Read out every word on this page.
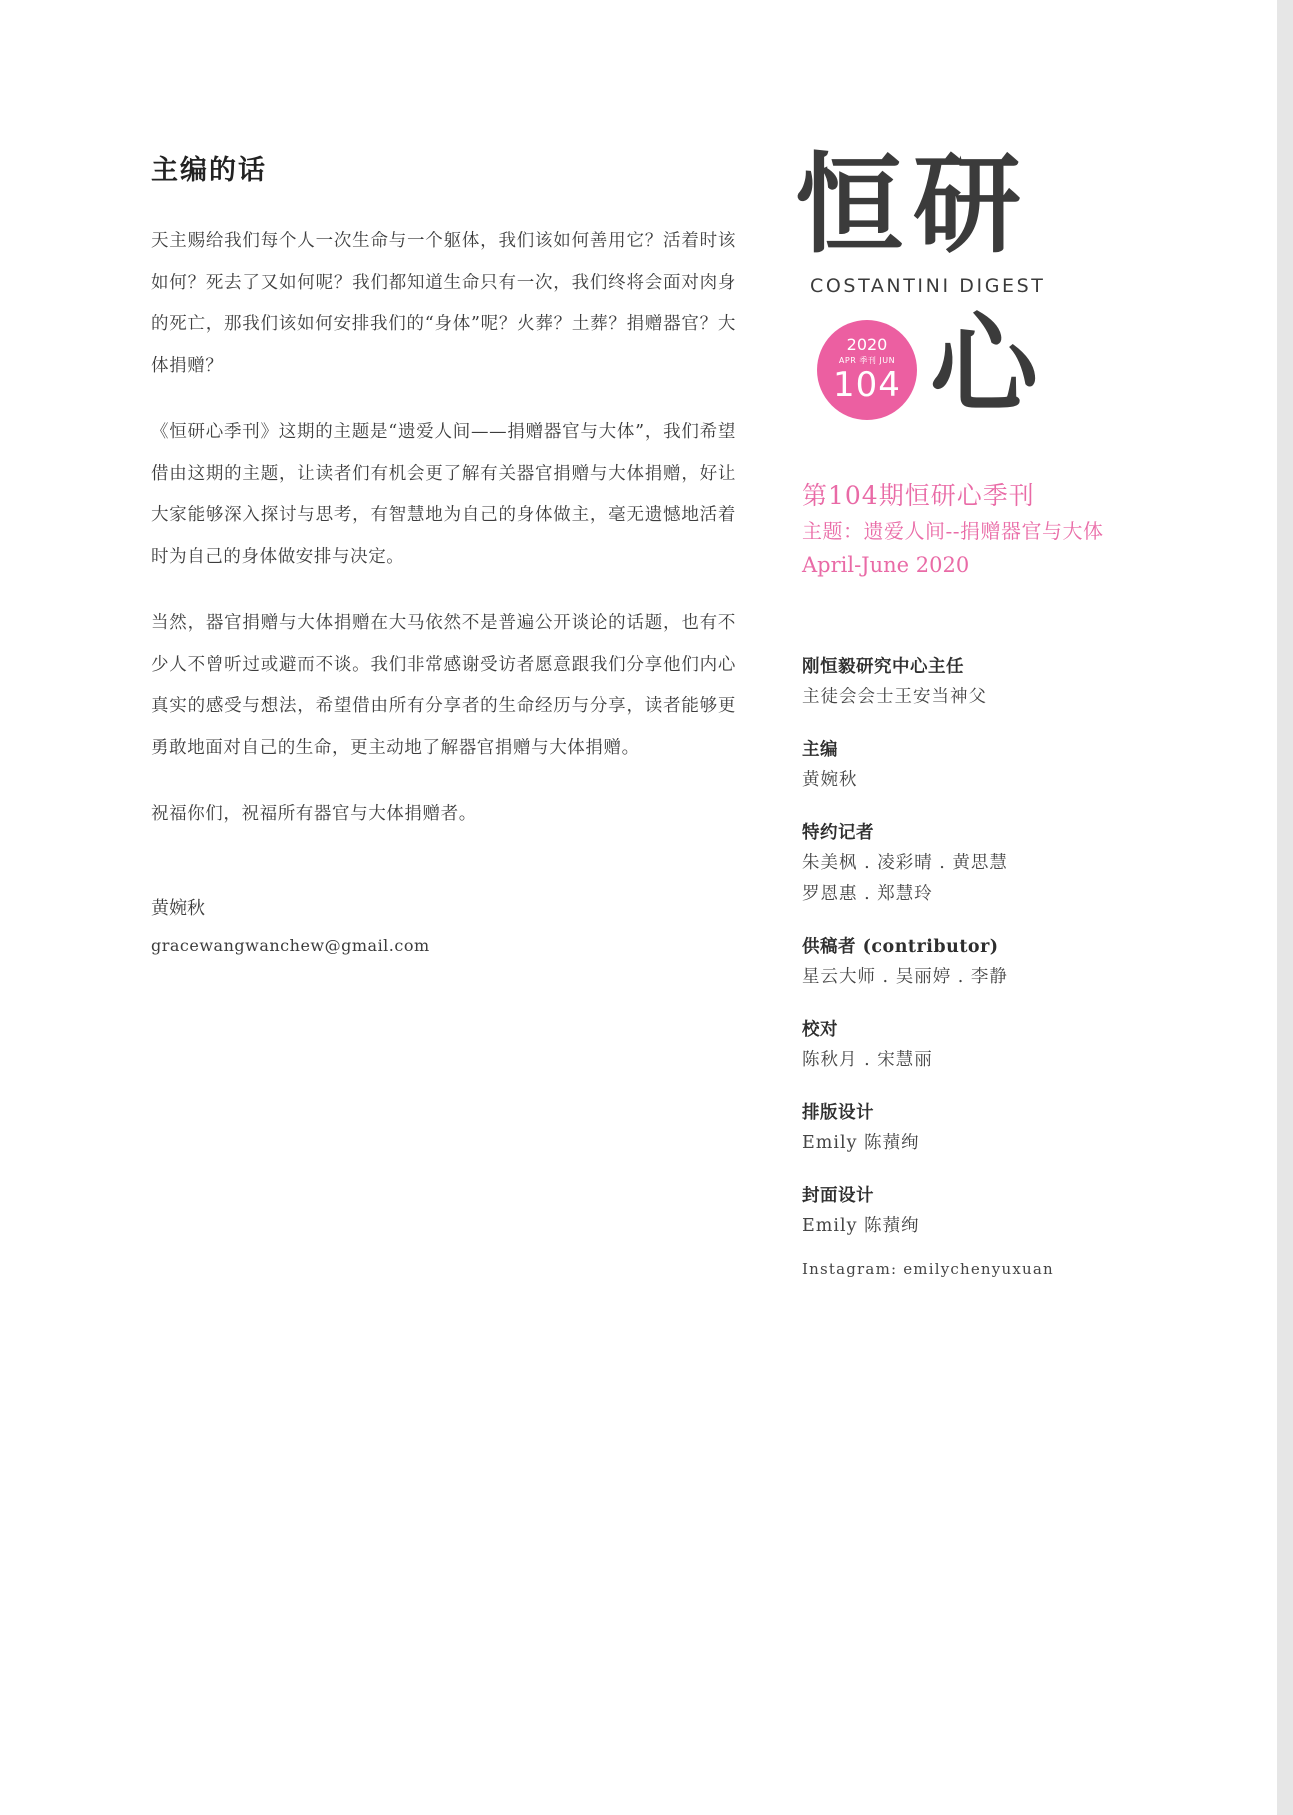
主编的话

天主赐给我们每个人一次生命与一个躯体，我们该如何善用它？活着时该如何？死去了又如何呢？我们都知道生命只有一次，我们终将会面对肉身的死亡，那我们该如何安排我们的“身体”呢？火葬？土葬？捐赠器官？大体捐赠？

《恒研心季刊》这期的主题是“遗爱人间——捐赠器官与大体”，我们希望借由这期的主题，让读者们有机会更了解有关器官捐赠与大体捐赠，好让大家能够深入探讨与思考，有智慧地为自己的身体做主，毫无遗憾地活着时为自己的身体做安排与决定。

当然，器官捐赠与大体捐赠在大马依然不是普遍公开谈论的话题，也有不少人不曾听过或避而不谈。我们非常感谢受访者愿意跟我们分享他们内心真实的感受与想法，希望借由所有分享者的生命经历与分享，读者能够更勇敢地面对自己的生命，更主动地了解器官捐赠与大体捐赠。

祝福你们，祝福所有器官与大体捐赠者。

黄婉秋
gracewangwanchew@gmail.com
恒研
COSTANTINI DIGEST
2020
APR 季刊 JUN
104 心
第104期恒研心季刊
主题：遗爱人间--捐赠器官与大体
April-June 2020
刚恒毅研究中心主任
主徒会会士王安当神父
主编
黄婉秋
特约记者
朱美枫 . 凌彩晴 . 黄思慧
罗恩惠 . 郑慧玲
供稿者 (contributor)
星云大师 . 吴丽婷 . 李静
校对
陈秋月 . 宋慧丽
排版设计
Emily 陈蕷绚
封面设计
Emily 陈蕷绚
Instagram: emilychenyuxuan
